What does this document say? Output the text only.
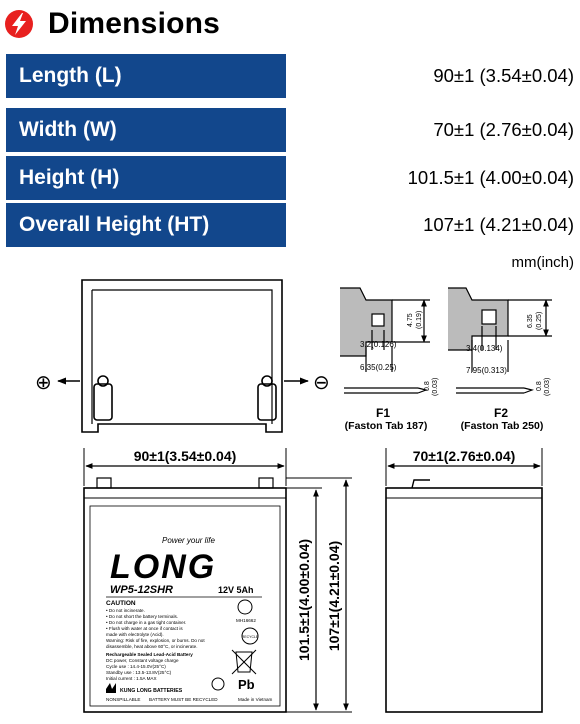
Dimensions
Length (L)	90±1 (3.54±0.04)
Width (W)	70±1 (2.76±0.04)
Height (H)	101.5±1 (4.00±0.04)
Overall Height (HT)	107±1 (4.21±0.04)
mm(inch)
⊕	⊖
4.75 (0.19)
3.2(0.126)
6.35(0.25)
0.8 (0.03)
F1
(Faston Tab 187)
6.35 (0.25)
3.4(0.134)
7.95(0.313)
0.8 (0.03)
F2
(Faston Tab 250)
90±1(3.54±0.04)
101.5±1(4.00±0.04) 107±1(4.21±0.04)
Power your life
LONG
WP5-12SHR	12V 5Ah
CAUTION
• Do not incinerate.
• Do not short the battery terminals.
• Do not charge in a gas tight container.
• Flush with water at once if contact is
made with electrolyte (Acid).
Warning: Risk of fire, explosion, or burns. Do not
disassemble, heat above 60°C, or incinerate.
Rechargeable Sealed Lead-Acid Battery
DC power, Constant voltage charge
Cycle use : 14.4-15.0V(25°C)
Standby use : 13.5-13.8V(25°C)
Initial current : 1.5A MAX
MH16662
RECYCLE
Pb
KUNG LONG BATTERIES
NONSPILLABLE BATTERY MUST BE RECYCLED	Made in Vietnam
70±1(2.76±0.04)
